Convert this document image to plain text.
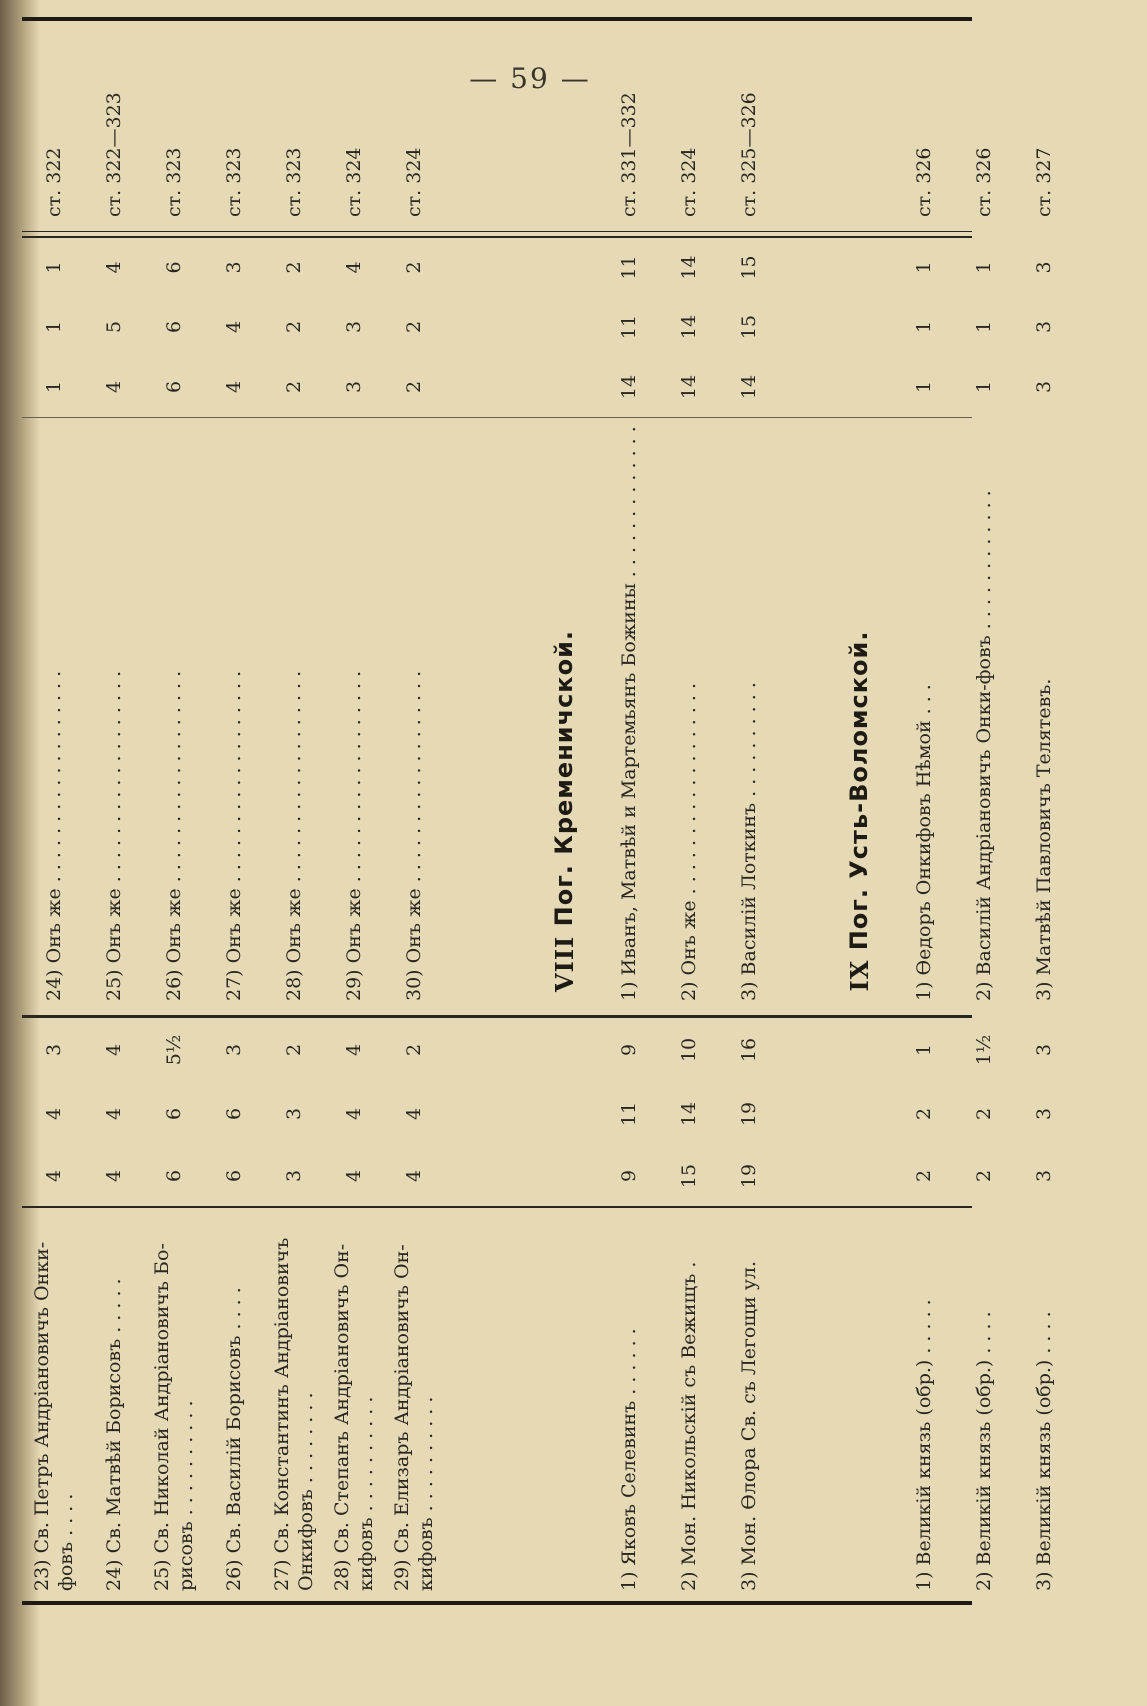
— 59 —
23) Св. Петръ Андріановичъ Онки-фовъ . . . .
4
4
3
24) Онъ же . . . . . . . . . . . . . . . . . .
1
1
1
ст. 322
24) Св. Матвѣй Борисовъ . . . . .
4
4
4
25) Онъ же . . . . . . . . . . . . . . . . . .
4
5
4
ст. 322—323
25) Св. Николай Андріановичъ Бо-рисовъ . . . . . . . . . .
6
6
5½
26) Онъ же . . . . . . . . . . . . . . . . . .
6
6
6
ст. 323
26) Св. Василій Борисовъ . . . .
6
6
3
27) Онъ же . . . . . . . . . . . . . . . . . .
4
4
3
ст. 323
27) Св. Константинъ Андріановичъ Онкифовъ . . . . . . . .
3
3
2
28) Онъ же . . . . . . . . . . . . . . . . . .
2
2
2
ст. 323
28) Св. Степанъ Андріановичъ Он-кифовъ . . . . . . . . . .
4
4
4
29) Онъ же . . . . . . . . . . . . . . . . . .
3
3
4
ст. 324
29) Св. Елизаръ Андріановичъ Он-кифовъ . . . . . . . . . .
4
4
2
30) Онъ же . . . . . . . . . . . . . . . . . .
2
2
2
ст. 324
VIII

Пог. Кременичской.
1) Яковъ Селевинъ . . . . . .
9
11
9
1) Иванъ, Матвѣй и Мартемьянъ Божины . . . . . . . . . . . . .
14
11
11
ст. 331—332
2) Мон. Никольскій съ Вежищъ .
15
14
10
2) Онъ же . . . . . . . . . . . . . . . . . .
14
14
14
ст. 324
3) Мон. Ѳлора Св. съ Легощи ул.
19
19
16
3) Василій Лоткинъ . . . . . . . . . .
14
15
15
ст. 325—326
IX

Пог. Усть-Воломской.
1) Великій князь (обр.) . . . . .
2
2
1
1) Ѳедоръ Онкифовъ Нѣмой . . .
1
1
1
ст. 326
2) Великій князь (обр.) . . . .
2
2
1½
2) Василій Андріановичъ Онки-фовъ . . . . . . . . . . . .
1
1
1
ст. 326
3) Великій князь (обр.) . . . .
3
3
3
3) Матвѣй Павловичъ Телятевъ.
3
3
3
ст. 327
